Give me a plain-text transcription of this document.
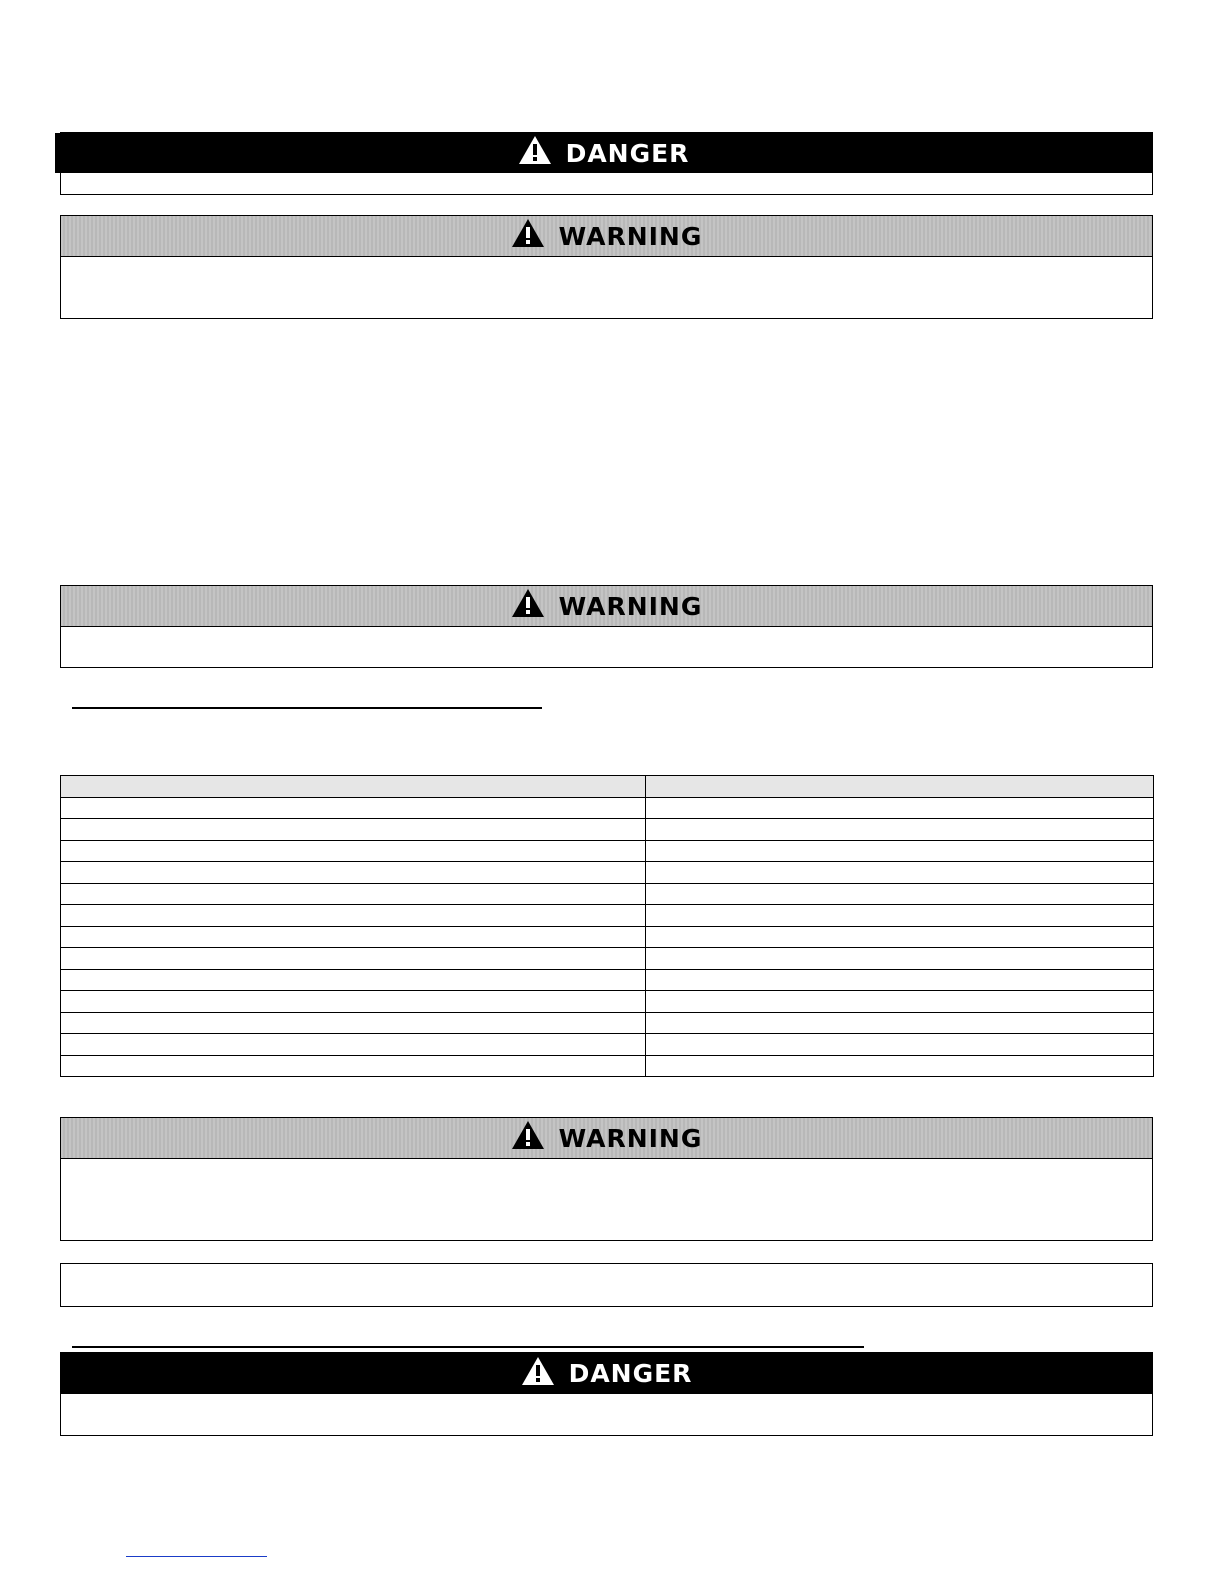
DANGER
WARNING
WARNING

WARNING
DANGER
